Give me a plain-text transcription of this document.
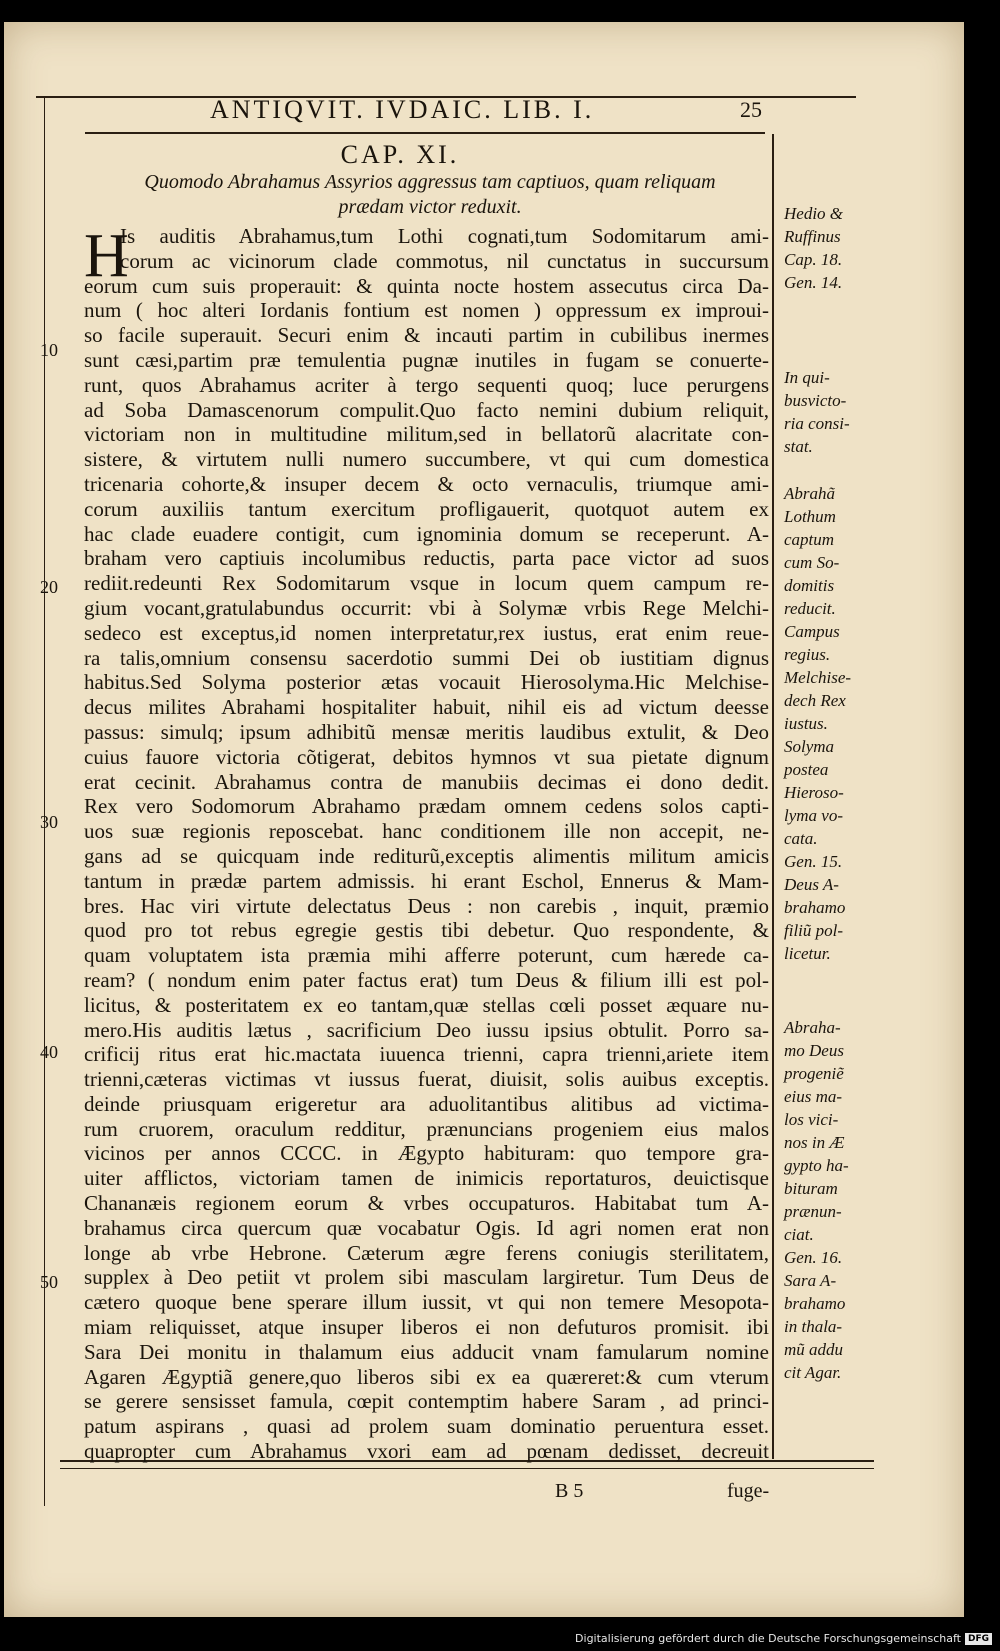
ANTIQVIT. IVDAIC. LIB. I.	25
CAP. XI.
Quomodo Abrahamus Assyrios aggressus tam captiuos, quam reliquam
prædam victor reduxit.
H
Is auditis Abrahamus,tum Lothi cognati,tum Sodomitarum ami-
corum ac vicinorum clade commotus, nil cunctatus in succursum
eorum cum suis properauit: & quinta nocte hostem assecutus circa Da-
num ( hoc alteri Iordanis fontium est nomen ) oppressum ex improui-
so facile superauit. Securi enim & incauti partim in cubilibus inermes
sunt cæsi,partim præ temulentia pugnæ inutiles in fugam se conuerte-
runt, quos Abrahamus acriter à tergo sequenti quoq; luce perurgens
ad Soba Damascenorum compulit.Quo facto nemini dubium reliquit,
victoriam non in multitudine militum,sed in bellatorũ alacritate con-
sistere, & virtutem nulli numero succumbere, vt qui cum domestica
tricenaria cohorte,& insuper decem & octo vernaculis, triumque ami-
corum auxiliis tantum exercitum profligauerit, quotquot autem ex
hac clade euadere contigit, cum ignominia domum se receperunt. A-
braham vero captiuis incolumibus reductis, parta pace victor ad suos
rediit.redeunti Rex Sodomitarum vsque in locum quem campum re-
gium vocant,gratulabundus occurrit: vbi à Solymæ vrbis Rege Melchi-
sedeco est exceptus,id nomen interpretatur,rex iustus, erat enim reue-
ra talis,omnium consensu sacerdotio summi Dei ob iustitiam dignus
habitus.Sed Solyma posterior ætas vocauit Hierosolyma.Hic Melchise-
decus milites Abrahami hospitaliter habuit, nihil eis ad victum deesse
passus: simulq; ipsum adhibitũ mensæ meritis laudibus extulit, & Deo
cuius fauore victoria cõtigerat, debitos hymnos vt sua pietate dignum
erat cecinit. Abrahamus contra de manubiis decimas ei dono dedit.
Rex vero Sodomorum Abrahamo prædam omnem cedens solos capti-
uos suæ regionis reposcebat. hanc conditionem ille non accepit, ne-
gans ad se quicquam inde rediturũ,exceptis alimentis militum amicis
tantum in prædæ partem admissis. hi erant Eschol, Ennerus & Mam-
bres. Hac viri virtute delectatus Deus : non carebis , inquit, præmio
quod pro tot rebus egregie gestis tibi debetur. Quo respondente, &
quam voluptatem ista præmia mihi afferre poterunt, cum hærede ca-
ream? ( nondum enim pater factus erat) tum Deus & filium illi est pol-
licitus, & posteritatem ex eo tantam,quæ stellas cœli posset æquare nu-
mero.His auditis lætus , sacrificium Deo iussu ipsius obtulit. Porro sa-
crificij ritus erat hic.mactata iuuenca trienni, capra trienni,ariete item
trienni,cæteras victimas vt iussus fuerat, diuisit, solis auibus exceptis.
deinde priusquam erigeretur ara aduolitantibus alitibus ad victima-
rum cruorem, oraculum redditur, prænuncians progeniem eius malos
vicinos per annos CCCC. in Ægypto habituram: quo tempore gra-
uiter afflictos, victoriam tamen de inimicis reportaturos, deuictisque
Chananæis regionem eorum & vrbes occupaturos. Habitabat tum A-
brahamus circa quercum quæ vocabatur Ogis. Id agri nomen erat non
longe ab vrbe Hebrone. Cæterum ægre ferens coniugis sterilitatem,
supplex à Deo petiit vt prolem sibi masculam largiretur. Tum Deus de
cætero quoque bene sperare illum iussit, vt qui non temere Mesopota-
miam reliquisset, atque insuper liberos ei non defuturos promisit. ibi
Sara Dei monitu in thalamum eius adducit vnam famularum nomine
Agaren Ægyptiã genere,quo liberos sibi ex ea quæreret:& cum vterum
se gerere sensisset famula, cœpit contemptim habere Saram , ad princi-
patum aspirans , quasi ad prolem suam dominatio peruentura esset.
quapropter cum Abrahamus vxori eam ad pœnam dedisset, decreuit
10
20
30
40
50
Hedio &
Ruffinus
Cap. 18.
Gen. 14.
In qui-
busvicto-
ria consi-
stat.
Abrahã
Lothum
captum
cum So-
domitis
reducit.
Campus
regius.
Melchise-
dech Rex
iustus.
Solyma
postea
Hieroso-
lyma vo-
cata.
Gen. 15.
Deus A-
brahamo
filiũ pol-
licetur.
Abraha-
mo Deus
progeniẽ
eius ma-
los vici-
nos in Æ
gypto ha-
bituram
prænun-
ciat.
Gen. 16.
Sara A-
brahamo
in thala-
mũ addu
cit Agar.
B 5	fuge-
Digitalisierung gefördert durch die Deutsche Forschungsgemeinschaft DFG
